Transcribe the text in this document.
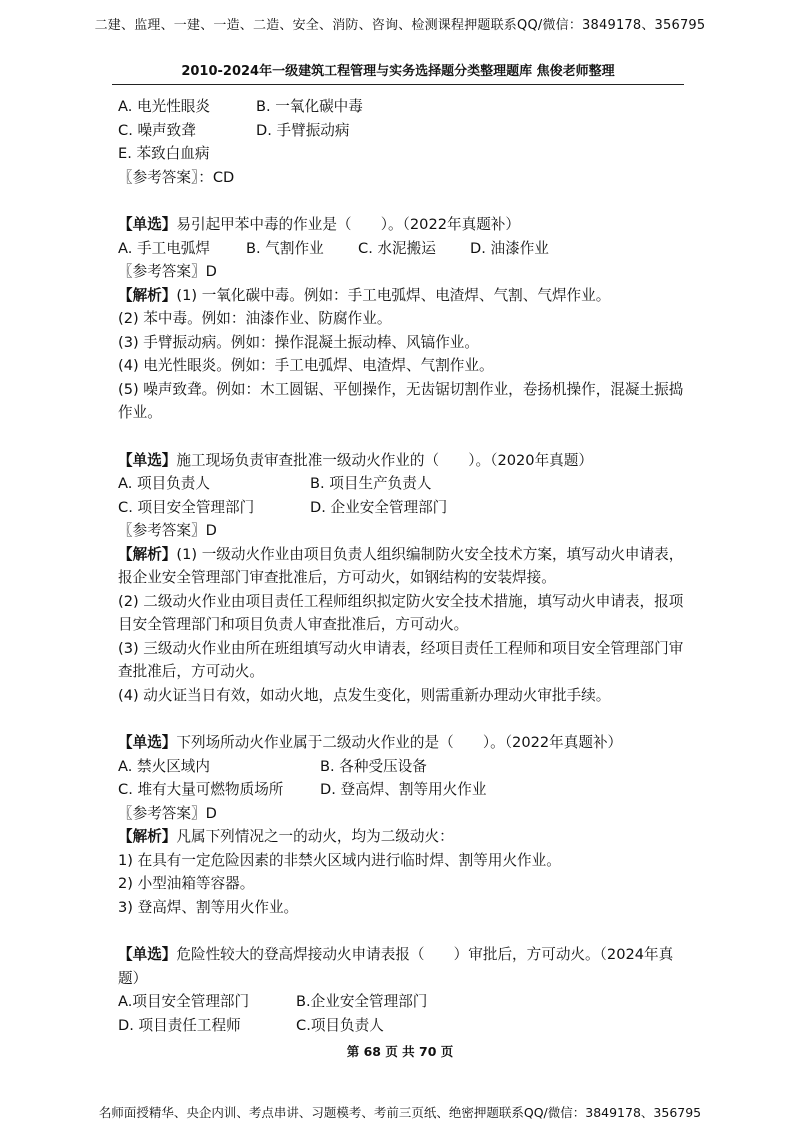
二建、监理、一建、一造、二造、安全、消防、咨询、检测课程押题联系QQ/微信：3849178、356795
2010-2024年一级建筑工程管理与实务选择题分类整理题库 焦俊老师整理
A. 电光性眼炎	B. 一氧化碳中毒
C. 噪声致聋	D. 手臂振动病
E. 苯致白血病
〖参考答案〗：CD
【单选】易引起甲苯中毒的作业是（　　）。（2022年真题补）
A. 手工电弧焊 B. 气割作业 C. 水泥搬运 D. 油漆作业
〖参考答案〗D
【解析】(1) 一氧化碳中毒。例如：手工电弧焊、电渣焊、气割、气焊作业。
(2) 苯中毒。例如：油漆作业、防腐作业。
(3) 手臂振动病。例如：操作混凝土振动棒、风镐作业。
(4) 电光性眼炎。例如：手工电弧焊、电渣焊、气割作业。
(5) 噪声致聋。例如：木工圆锯、平刨操作，无齿锯切割作业，卷扬机操作，混凝土振捣作业。
【单选】施工现场负责审查批准一级动火作业的（　　）。（2020年真题）
A. 项目负责人	B. 项目生产负责人
C. 项目安全管理部门	D. 企业安全管理部门
〖参考答案〗D
【解析】(1) 一级动火作业由项目负责人组织编制防火安全技术方案，填写动火申请表，报企业安全管理部门审查批准后，方可动火，如钢结构的安装焊接。
(2) 二级动火作业由项目责任工程师组织拟定防火安全技术措施，填写动火申请表，报项目安全管理部门和项目负责人审查批准后，方可动火。
(3) 三级动火作业由所在班组填写动火申请表，经项目责任工程师和项目安全管理部门审查批准后，方可动火。
(4) 动火证当日有效，如动火地，点发生变化，则需重新办理动火审批手续。
【单选】下列场所动火作业属于二级动火作业的是（　　）。（2022年真题补）
A. 禁火区域内	B. 各种受压设备
C. 堆有大量可燃物质场所	D. 登高焊、割等用火作业
〖参考答案〗D
【解析】凡属下列情况之一的动火，均为二级动火：
1) 在具有一定危险因素的非禁火区域内进行临时焊、割等用火作业。
2) 小型油箱等容器。
3) 登高焊、割等用火作业。
【单选】危险性较大的登高焊接动火申请表报（　　）审批后，方可动火。（2024年真题）
A.项目安全管理部门	B.企业安全管理部门
D. 项目责任工程师	C.项目负责人
​
​
第 68 页 共 70 页
名师面授精华、央企内训、考点串讲、习题模考、考前三页纸、绝密押题联系QQ/微信：3849178、356795
